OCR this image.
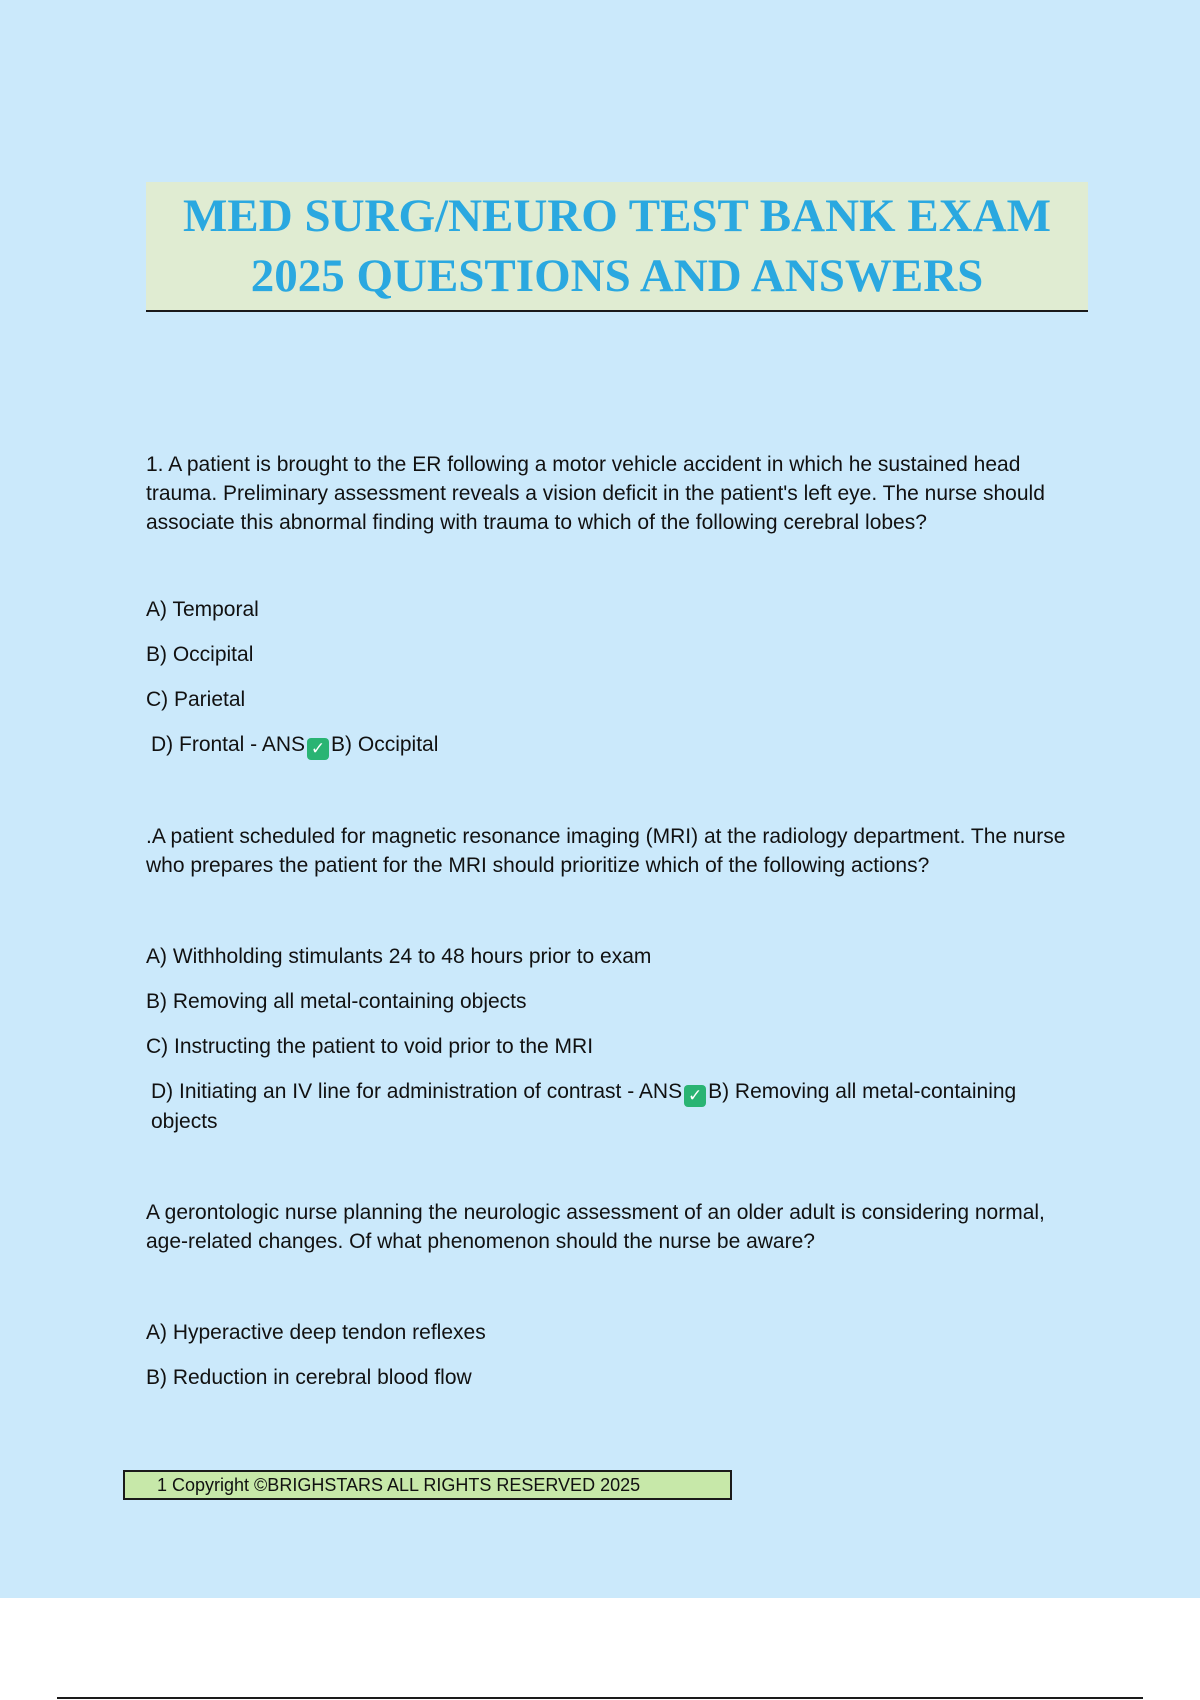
MED SURG/NEURO TEST BANK EXAM
2025 QUESTIONS AND ANSWERS

1. A patient is brought to the ER following a motor vehicle accident in which he sustained head trauma. Preliminary assessment reveals a vision deficit in the patient's left eye. The nurse should associate this abnormal finding with trauma to which of the following cerebral lobes?

A) Temporal
B) Occipital
C) Parietal
D) Frontal - ANS ✓ B) Occipital

.A patient scheduled for magnetic resonance imaging (MRI) at the radiology department. The nurse who prepares the patient for the MRI should prioritize which of the following actions?

A) Withholding stimulants 24 to 48 hours prior to exam
B) Removing all metal-containing objects
C) Instructing the patient to void prior to the MRI
D) Initiating an IV line for administration of contrast - ANS ✓ B) Removing all metal-containing objects

A gerontologic nurse planning the neurologic assessment of an older adult is considering normal, age-related changes. Of what phenomenon should the nurse be aware?

A) Hyperactive deep tendon reflexes
B) Reduction in cerebral blood flow
1 Copyright ©BRIGHSTARS ALL RIGHTS RESERVED 2025
